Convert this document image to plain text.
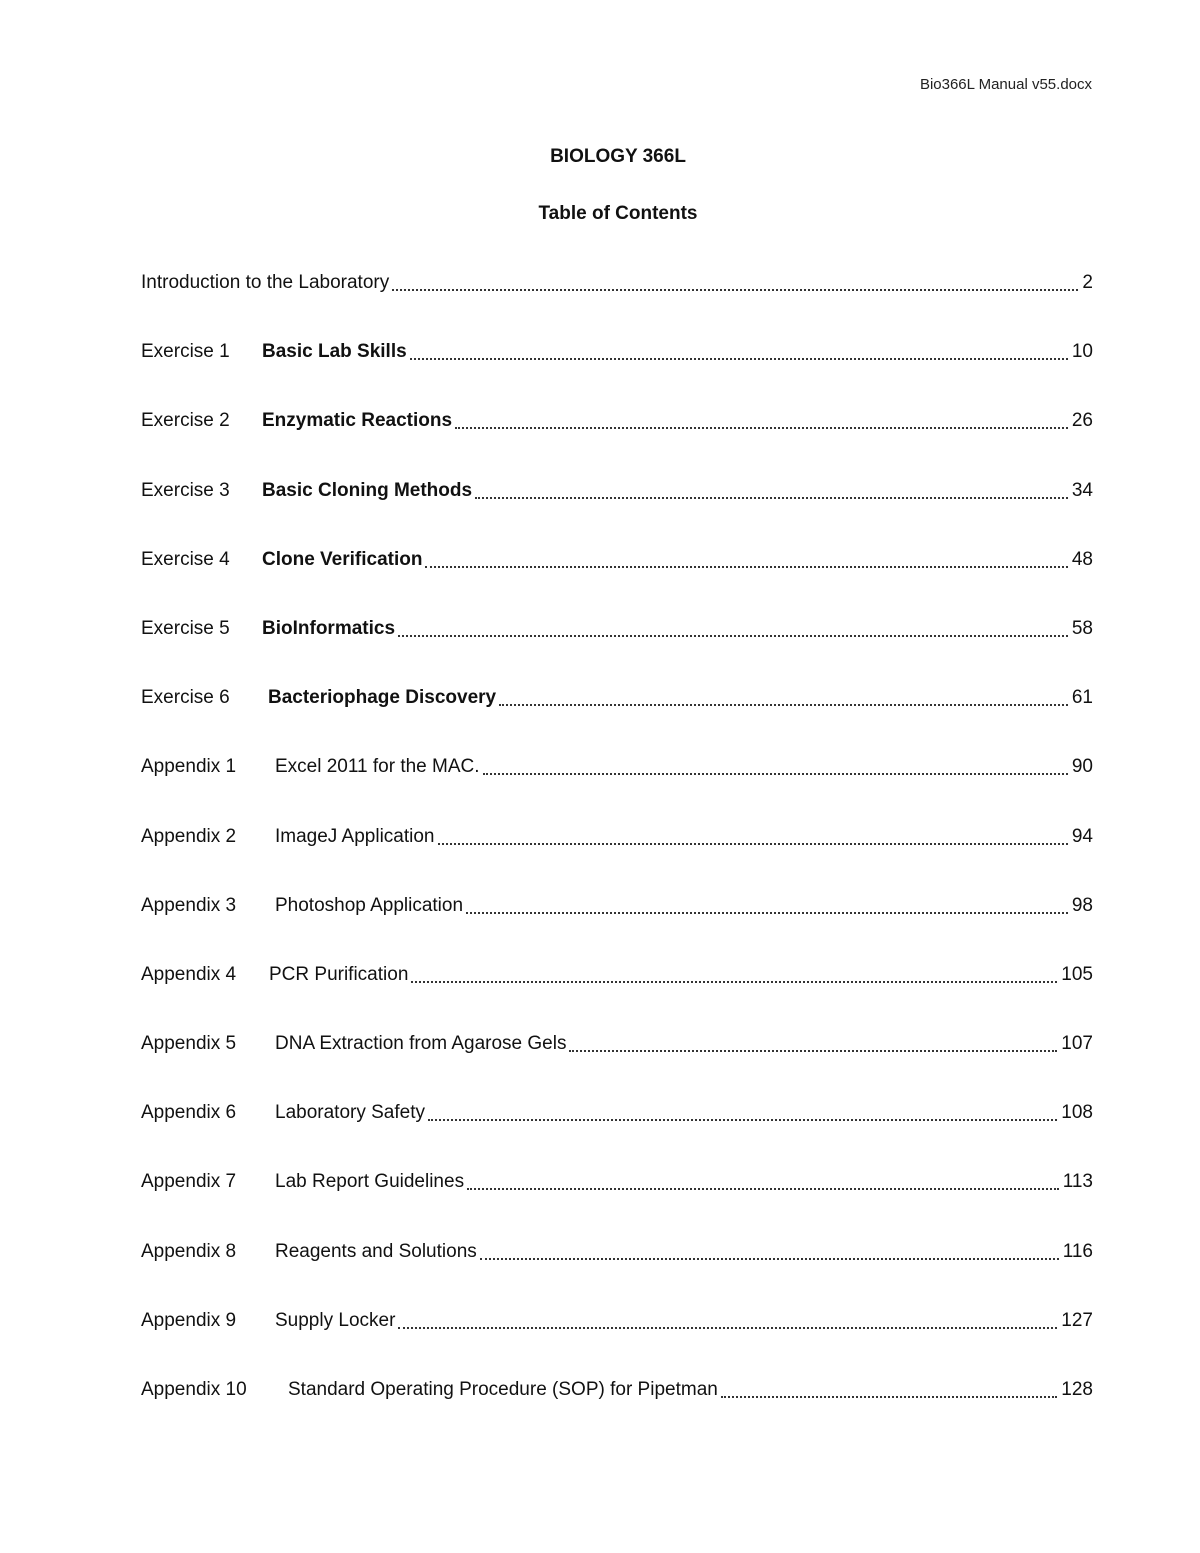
Bio366L Manual v55.docx
BIOLOGY 366L
Table of Contents
Introduction to the Laboratory	2
Exercise 1	Basic Lab Skills	10
Exercise 2	Enzymatic Reactions	26
Exercise 3	Basic Cloning Methods	34
Exercise 4	Clone Verification	48
Exercise 5	BioInformatics	58
Exercise 6	Bacteriophage Discovery	61
Appendix 1	Excel 2011 for the MAC.	90
Appendix 2	ImageJ Application	94
Appendix 3	Photoshop Application	98
Appendix 4	PCR Purification	105
Appendix 5	DNA Extraction from Agarose Gels	107
Appendix 6	Laboratory Safety	108
Appendix 7	Lab Report Guidelines	113
Appendix 8	Reagents and Solutions	116
Appendix 9	Supply Locker	127
Appendix 10	Standard Operating Procedure (SOP) for Pipetman	128
